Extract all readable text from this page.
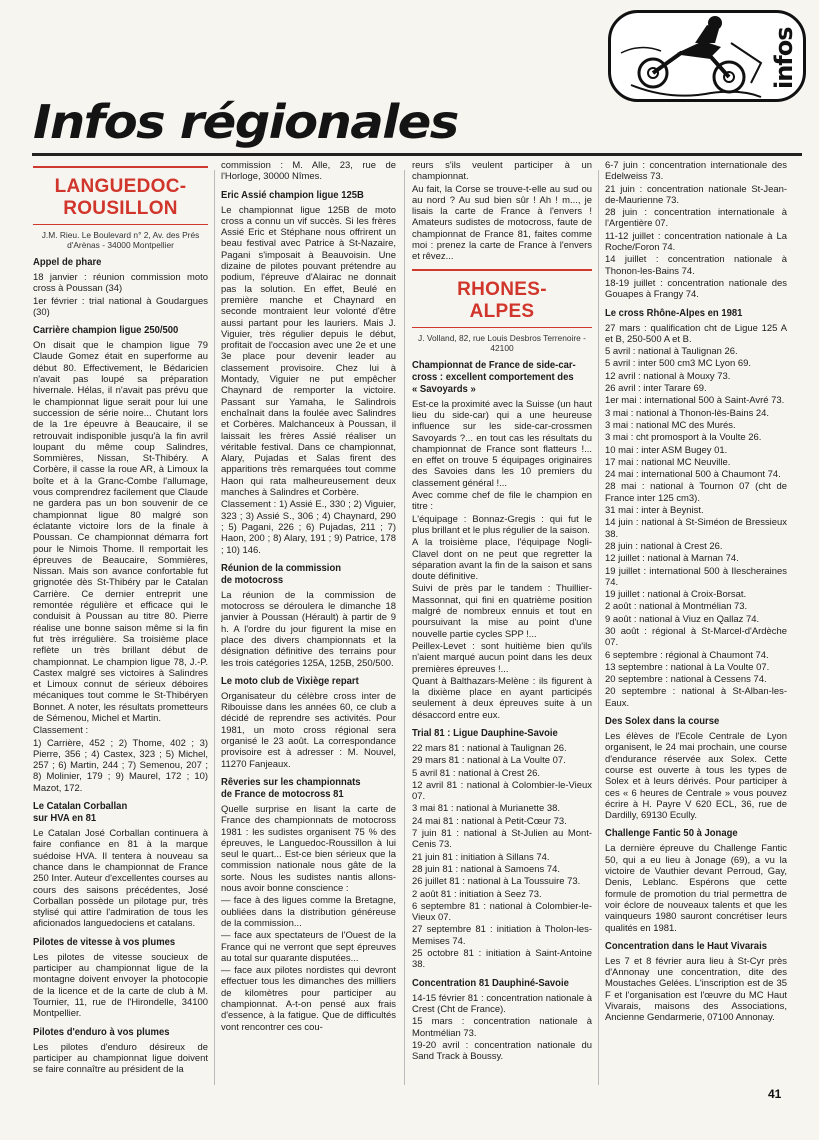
infos
Infos régionales
LANGUEDOC-
ROUSILLON
J.M. Rieu. Le Boulevard n° 2, Av. des Prés d'Arènas - 34000 Montpellier
Appel de phare
18 janvier : réunion commission moto cross à Poussan (34)
1er février : trial national à Goudargues (30)
Carrière champion ligue 250/500
On disait que le champion ligue 79 Claude Gomez était en superforme au début 80. Effectivement, le Bédaricien n'avait pas loupé sa préparation hivernale. Hélas, il n'avait pas prévu que le championnat ligue serait pour lui une succession de série noire... Chutant lors de la 1re épeuvre à Beaucaire, il se retrouvait indisponible jusqu'à la fin avril loupant du même coup Salindres, Sommières, Nissan, St-Thibéry. A Corbère, il casse la roue AR, à Limoux la boîte et à la Granc-Combe l'allumage, vous comprendrez facilement que Claude ne gardera pas un bon souvenir de ce championnat ligue 80 malgré son éclatante victoire lors de la finale à Poussan. Ce championnat démarra fort pour le Nimois Thome. Il remportait les épreuves de Beaucaire, Sommières, Nissan. Mais son avance confortable fut grignotée dès St-Thibéry par le Catalan Carrière. Ce dernier entreprit une remontée régulière et efficace qui le conduisit à Poussan au titre 80. Pierre réalise une bonne saison même si la fin fut très irrégulière. Sa troisième place reflète un très brillant début de championnat. Le champion ligue 78, J.-P. Castex malgré ses victoires à Salindres et Limoux connut de sérieux déboires mécaniques tout comme le St-Thibéryen Bonnet. A noter, les résultats prometteurs de Sémenou, Michel et Martin.
Classement :
1) Carrière, 452 ; 2) Thome, 402 ; 3) Pierre, 356 ; 4) Castex, 323 ; 5) Michel, 257 ; 6) Martin, 244 ; 7) Semenou, 207 ; 8) Molinier, 179 ; 9) Maurel, 172 ; 10) Mazot, 172.
Le Catalan Corballan
sur HVA en 81
Le Catalan José Corballan continuera à faire confiance en 81 à la marque suédoise HVA. Il tentera à nouveau sa chance dans le championnat de France 250 Inter. Auteur d'excellentes courses au cours des saisons précédentes, José Corballan possède un pilotage pur, très stylisé qui attire l'admiration de tous les aficionados languedociens et catalans.
Pilotes de vitesse à vos plumes
Les pilotes de vitesse soucieux de participer au championnat ligue de la montagne doivent envoyer la photocopie de la licence et de la carte de club à M. Tournier, 11, rue de l'Hirondelle, 34100 Montpellier.
Pilotes d'enduro à vos plumes
Les pilotes d'enduro désireux de participer au championnat ligue doivent se faire connaître au président de la
commission : M. Alle, 23, rue de l'Horloge, 30000 Nîmes.
Eric Assié champion ligue 125B
Le championnat ligue 125B de moto cross a connu un vif succès. Si les frères Assié Eric et Stéphane nous offrirent un beau festival avec Patrice à St-Nazaire, Pagani s'imposait à Beauvoisin. Une dizaine de pilotes pouvant prétendre au podium, l'épreuve d'Alairac ne donnait pas la solution. En effet, Beulé en première manche et Chaynard en seconde montraient leur volonté d'être aussi partant pour les lauriers. Mais J. Viguier, très régulier depuis le début, profitait de l'occasion avec une 2e et une 3e place pour devenir leader au classement provisoire. Chez lui à Montady, Viguier ne put empêcher Chaynard de remporter la victoire. Passant sur Yamaha, le Salindrois enchaînait dans la foulée avec Salindres et Corbères. Malchanceux à Poussan, il laissait les frères Assié réaliser un véritable festival. Dans ce championnat, Alary, Pujadas et Salas firent des apparitions très remarquées tout comme Haon qui rata malheureusement deux manches à Salindres et Corbère.
Classement : 1) Assié E., 330 ; 2) Viguier, 323 ; 3) Assié S., 306 ; 4) Chaynard, 290 ; 5) Pagani, 226 ; 6) Pujadas, 211 ; 7) Haon, 200 ; 8) Alary, 191 ; 9) Patrice, 178 ; 10) 146.
Réunion de la commission
de motocross
La réunion de la commission de motocross se déroulera le dimanche 18 janvier à Poussan (Hérault) à partir de 9 h. A l'ordre du jour figurent la mise en place des divers championnats et la désignation définitive des terrains pour les trois catégories 125A, 125B, 250/500.
Le moto club de Vixiège repart
Organisateur du célèbre cross inter de Ribouisse dans les années 60, ce club a décidé de reprendre ses activités. Pour 1981, un moto cross régional sera organisé le 23 août. La correspondance provisoire est à adresser : M. Nouvel, 11270 Fanjeaux.
Rêveries sur les championnats
de France de motocross 81
Quelle surprise en lisant la carte de France des championnats de motocross 1981 : les sudistes organisent 75 % des épreuves, le Languedoc-Roussillon à lui seul le quart... Est-ce bien sérieux que la commission nationale nous gâte de la sorte. Nous les sudistes nantis allons-nous avoir bonne conscience :
— face à des ligues comme la Bretagne, oubliées dans la distribution généreuse de la commission...
— face aux spectateurs de l'Ouest de la France qui ne verront que sept épreuves au total sur quarante disputées...
— face aux pilotes nordistes qui devront effectuer tous les dimanches des milliers de kilomètres pour participer au championnat. A-t-on pensé aux frais d'essence, à la fatigue. Que de difficultés vont rencontrer ces cou-
reurs s'ils veulent participer à un championnat.
Au fait, la Corse se trouve-t-elle au sud ou au nord ? Au sud bien sûr ! Ah ! m..., je lisais la carte de France à l'envers ! Amateurs sudistes de motocross, faute de championnat de France 81, faites comme moi : prenez la carte de France à l'envers et rêvez...
RHONES-
ALPES
J. Volland, 82, rue Louis Desbros Terrenoire - 42100
Championnat de France de side-car-
cross : excellent comportement des
« Savoyards »
Est-ce la proximité avec la Suisse (un haut lieu du side-car) qui a une heureuse influence sur les side-car-crossmen Savoyards ?... en tout cas les résultats du championnat de France sont flatteurs !... en effet on trouve 5 équipages originaires des Savoies dans les 10 premiers du classement général !...
Avec comme chef de file le champion en titre :
L'équipage : Bonnaz-Gregis : qui fut le plus brillant et le plus régulier de la saison.
A la troisième place, l'équipage Nogli-Clavel dont on ne peut que regretter la séparation avant la fin de la saison et sans doute définitive.
Suivi de près par le tandem : Thuillier-Massonnat, qui fini en quatrième position malgré de nombreux ennuis et tout en poursuivant la mise au point d'une nouvelle partie cycles SPP !...
Peillex-Levet : sont huitième bien qu'ils n'aient marqué aucun point dans les deux premières épreuves !...
Quant à Balthazars-Melène : ils figurent à la dixième place en ayant participés seulement à deux épreuves suite à un désaccord entre eux.
Trial 81 : Ligue Dauphine-Savoie
22 mars 81 : national à Taulignan 26.
29 mars 81 : national à La Voulte 07.
5 avril 81 : national à Crest 26.
12 avril 81 : national à Colombier-le-Vieux 07.
3 mai 81 : national à Murianette 38.
24 mai 81 : national à Petit-Cœur 73.
7 juin 81 : national à St-Julien au Mont-Cenis 73.
21 juin 81 : initiation à Sillans 74.
28 juin 81 : national à Samoens 74.
26 juillet 81 : national à La Toussuire 73.
2 août 81 : initiation à Seez 73.
6 septembre 81 : national à Colombier-le-Vieux 07.
27 septembre 81 : initiation à Tholon-les-Memises 74.
25 octobre 81 : initiation à Saint-Antoine 38.
Concentration 81 Dauphiné-Savoie
14-15 février 81 : concentration nationale à Crest (Cht de France).
15 mars : concentration nationale à Montmélian 73.
19-20 avril : concentration nationale du Sand Track à Boussy.
6-7 juin : concentration internationale des Edelweiss 73.
21 juin : concentration nationale St-Jean-de-Maurienne 73.
28 juin : concentration internationale à l'Argentière 07.
11-12 juillet : concentration nationale à La Roche/Foron 74.
14 juillet : concentration nationale à Thonon-les-Bains 74.
18-19 juillet : concentration nationale des Gouapes à Frangy 74.
Le cross Rhône-Alpes en 1981
27 mars : qualification cht de Ligue 125 A et B, 250-500 A et B.
5 avril : national à Taulignan 26.
5 avril : inter 500 cm3 MC Lyon 69.
12 avril : national à Mouxy 73.
26 avril : inter Tarare 69.
1er mai : international 500 à Saint-Avré 73.
3 mai : national à Thonon-lès-Bains 24.
3 mai : national MC des Murés.
3 mai : cht promosport à la Voulte 26.
10 mai : inter ASM Bugey 01.
17 mai : national MC Neuville.
24 mai : international 500 à Chaumont 74.
28 mai : national à Tournon 07 (cht de France inter 125 cm3).
31 mai : inter à Beynist.
14 juin : national à St-Siméon de Bressieux 38.
28 juin : national à Crest 26.
12 juillet : national à Marnan 74.
19 juillet : international 500 à Ilescheraines 74.
19 juillet : national à Croix-Borsat.
2 août : national à Montmélian 73.
9 août : national à Viuz en Qallaz 74.
30 août : régional à St-Marcel-d'Ardèche 07.
6 septembre : régional à Chaumont 74.
13 septembre : national à La Voulte 07.
20 septembre : national à Cessens 74.
20 septembre : national à St-Alban-les-Eaux.
Des Solex dans la course
Les élèves de l'Ecole Centrale de Lyon organisent, le 24 mai prochain, une course d'endurance réservée aux Solex. Cette course est ouverte à tous les types de Solex et à leurs dérivés. Pour participer à ces « 6 heures de Centrale » vous pouvez écrire à H. Payre V 620 ECL, 36, rue de Dardilly, 69130 Ecully.
Challenge Fantic 50 à Jonage
La dernière épreuve du Challenge Fantic 50, qui a eu lieu à Jonage (69), a vu la victoire de Vauthier devant Perroud, Gay, Denis, Leblanc. Espérons que cette formule de promotion du trial permettra de voir éclore de nouveaux talents et que les vainqueurs 1980 sauront concrétiser leurs qualités en 1981.
Concentration dans le Haut Vivarais
Les 7 et 8 février aura lieu à St-Cyr près d'Annonay une concentration, dite des Moustaches Gelées. L'inscription est de 35 F et l'organisation est l'œuvre du MC Haut Vivarais, maisons des Associations, Ancienne Gendarmerie, 07100 Annonay.
41
